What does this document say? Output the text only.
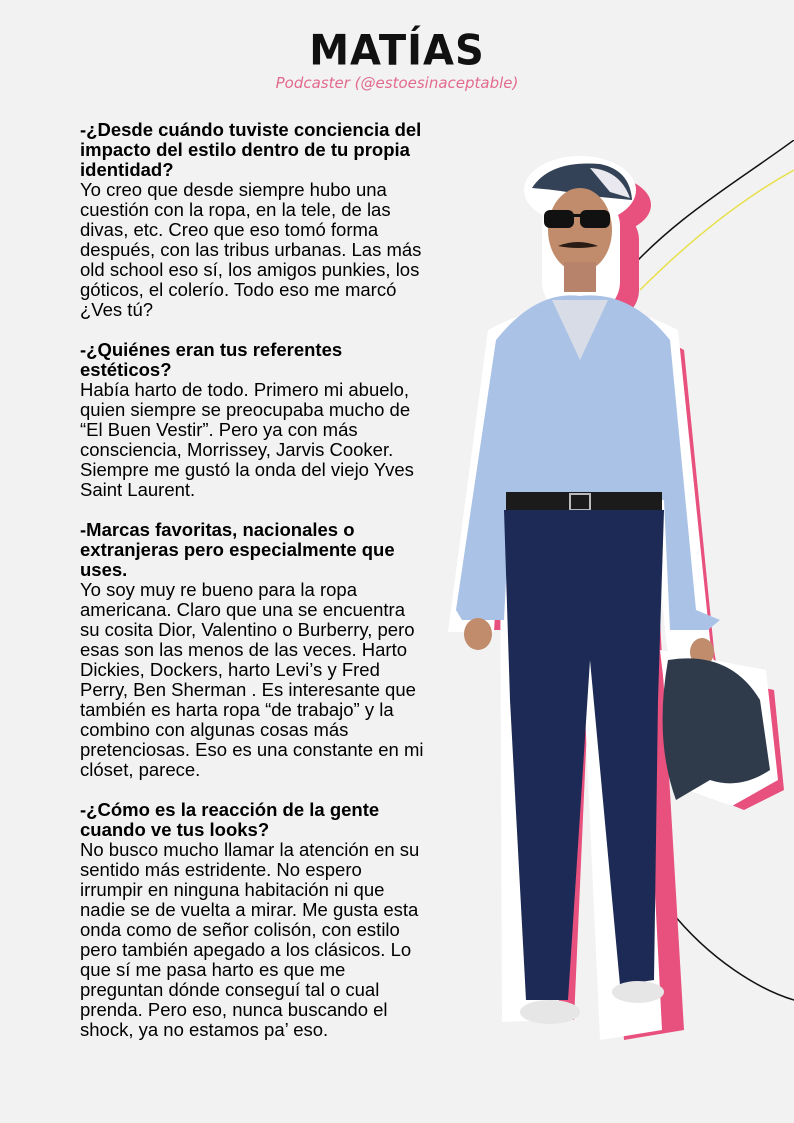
MATÍAS
Podcaster (@estoesinaceptable)

-¿Desde cuándo tuviste conciencia del impacto del estilo dentro de tu propia identidad?

Yo creo que desde siempre hubo una cuestión con la ropa, en la tele, de las divas, etc. Creo que eso tomó forma después, con las tribus urbanas. Las más old school eso sí, los amigos punkies, los góticos, el colerío. Todo eso me marcó ¿Ves tú?

-¿Quiénes eran tus referentes estéticos?

Había harto de todo. Primero mi abuelo, quien siempre se preocupaba mucho de “El Buen Vestir”. Pero ya con más consciencia, Morrissey, Jarvis Cooker. Siempre me gustó la onda del viejo Yves Saint Laurent.

-Marcas favoritas, nacionales o extranjeras pero especialmente que uses.

Yo soy muy re bueno para la ropa americana. Claro que una se encuentra su cosita Dior, Valentino o Burberry, pero esas son las menos de las veces. Harto Dickies, Dockers, harto Levi’s y Fred Perry, Ben Sherman . Es interesante que también es harta ropa “de trabajo” y la combino con algunas cosas más pretenciosas. Eso es una constante en mi clóset, parece.

-¿Cómo es la reacción de la gente cuando ve tus looks?

No busco mucho llamar la atención en su sentido más estridente. No espero irrumpir en ninguna habitación ni que nadie se de vuelta a mirar. Me gusta esta onda como de señor colisón, con estilo pero también apegado a los clásicos. Lo que sí me pasa harto es que me preguntan dónde conseguí tal o cual prenda. Pero eso, nunca buscando el shock, ya no estamos pa’ eso.
